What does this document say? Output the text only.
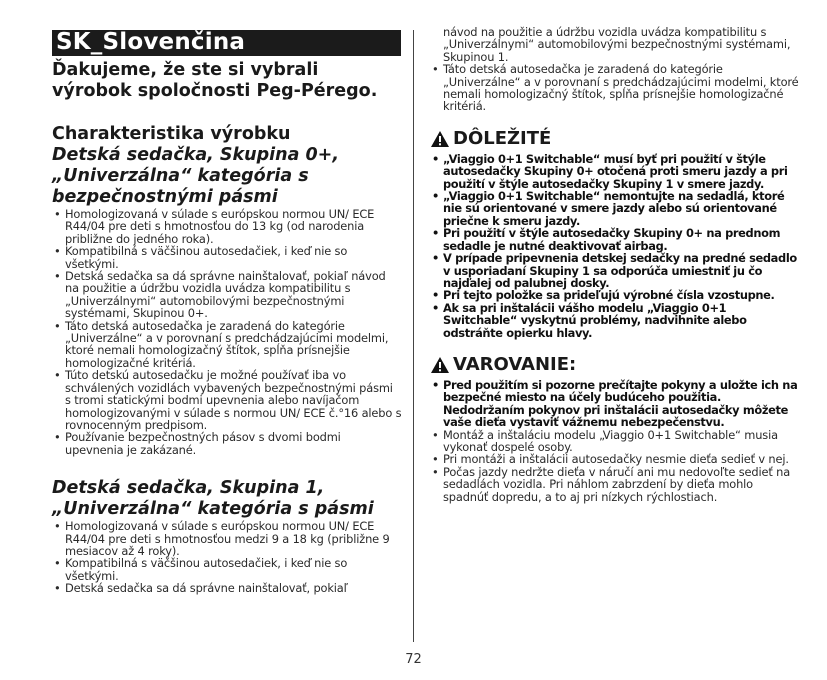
SK_Slovenčina

Ďakujeme, že ste si vybrali výrobok spoločnosti Peg-Pérego.

Charakteristika výrobku

Detská sedačka, Skupina 0+, „Univerzálna“ kategória s bezpečnostnými pásmi

• Homologizovaná v súlade s európskou normou UN/ ECE R44/04 pre deti s hmotnosťou do 13 kg (od narodenia približne do jedného roka).
• Kompatibilná s väčšinou autosedačiek, i keď nie so všetkými.
• Detská sedačka sa dá správne nainštalovať, pokiaľ návod na použitie a údržbu vozidla uvádza kompatibilitu s „Univerzálnymi“ automobilovými bezpečnostnými systémami, Skupinou 0+.
• Táto detská autosedačka je zaradená do kategórie „Univerzálne“ a v porovnaní s predchádzajúcimi modelmi, ktoré nemali homologizačný štítok, spĺňa prísnejšie homologizačné kritériá.
• Túto detskú autosedačku je možné používať iba vo schválených vozidlách vybavených bezpečnostnými pásmi s tromi statickými bodmi upevnenia alebo navíjačom homologizovanými v súlade s normou UN/ ECE č.°16 alebo s rovnocenným predpisom.
• Používanie bezpečnostných pásov s dvomi bodmi upevnenia je zakázané.

Detská sedačka, Skupina 1, „Univerzálna“ kategória s pásmi

• Homologizovaná v súlade s európskou normou UN/ ECE R44/04 pre deti s hmotnosťou medzi 9 a 18 kg (približne 9 mesiacov až 4 roky).
• Kompatibilná s väčšinou autosedačiek, i keď nie so všetkými.
• Detská sedačka sa dá správne nainštalovať, pokiaľ
návod na použitie a údržbu vozidla uvádza kompatibilitu s „Univerzálnymi“ automobilovými bezpečnostnými systémami, Skupinou 1.
• Táto detská autosedačka je zaradená do kategórie „Univerzálne“ a v porovnaní s predchádzajúcimi modelmi, ktoré nemali homologizačný štítok, spĺňa prísnejšie homologizačné kritériá.
DÔLEŽITÉ
• „Viaggio 0+1 Switchable“ musí byť pri použití v štýle autosedačky Skupiny 0+ otočená proti smeru jazdy a pri použití v štýle autosedačky Skupiny 1 v smere jazdy.
• „Viaggio 0+1 Switchable“ nemontujte na sedadlá, ktoré nie sú orientované v smere jazdy alebo sú orientované priečne k smeru jazdy.
• Pri použití v štýle autosedačky Skupiny 0+ na prednom sedadle je nutné deaktivovať airbag.
• V prípade pripevnenia detskej sedačky na predné sedadlo v usporiadaní Skupiny 1 sa odporúča umiestniť ju čo najďalej od palubnej dosky.
• Pri tejto položke sa prideľujú výrobné čísla vzostupne.
• Ak sa pri inštalácii vášho modelu „Viaggio 0+1 Switchable“ vyskytnú problémy, nadvihnite alebo odstráňte opierku hlavy.
VAROVANIE:
• Pred použitím si pozorne prečítajte pokyny a uložte ich na bezpečné miesto na účely budúceho použitia. Nedodržaním pokynov pri inštalácii autosedačky môžete vaše dieťa vystaviť vážnemu nebezpečenstvu.
• Montáž a inštaláciu modelu „Viaggio 0+1 Switchable“ musia vykonať dospelé osoby.
• Pri montáži a inštalácii autosedačky nesmie dieťa sedieť v nej.
• Počas jazdy nedržte dieťa v náručí ani mu nedovoľte sedieť na sedadlách vozidla. Pri náhlom zabrzdení by dieťa mohlo spadnúť dopredu, a to aj pri nízkych rýchlostiach.
72
